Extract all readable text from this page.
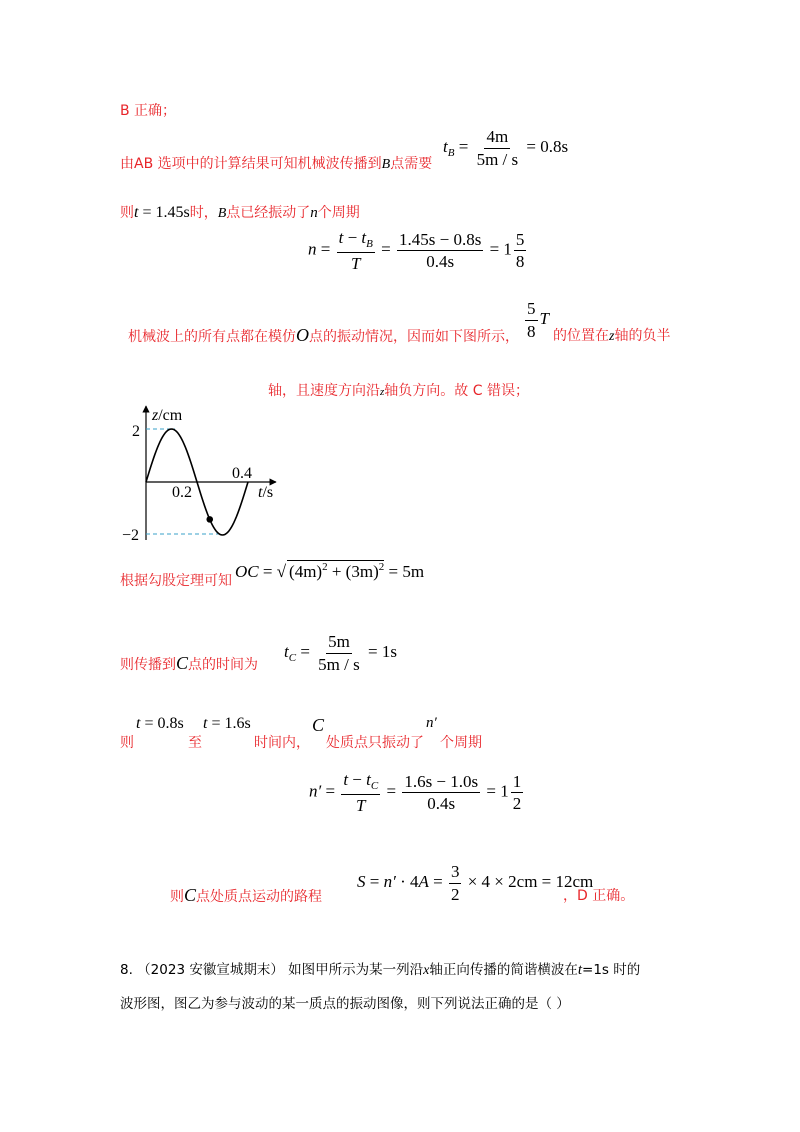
B 正确；
由AB 选项中的计算结果可知机械波传播到B点需要
$t_B = \frac{4m}{5m / s} = 0.8s$
则t = 1.45s时，B点已经振动了n个周期
$n = \frac{t - t_B}{T} = \frac{1.45s - 0.8s}{0.4s} = 1 \frac{5}{8}$
机械波上的所有点都在模仿O点的振动情况，因而如下图所示， $\frac{5}{8}$ T
的位置在z轴的负半
轴，且速度方向沿z轴负方向。故 C 错误；
z/cm
2
−2
0.2
0.4
t/s
根据勾股定理可知 OC = √ $(4m)^2 + (3m)^2 = 5m$
则传播到C点的时间为
$t_C = \frac{5m}{5m / s} = 1s$
则
t = 0.8s
至
t = 1.6s
时间内，
C
处质点只振动了
n′
个周期
$n' = \frac{t - t_C}{T} = \frac{1.6s - 1.0s}{0.4s} = 1 \frac{1}{2}$
则C点处质点运动的路程
$S = n' \cdot 4A = \frac{3}{2} \times 4 \times 2cm = 12cm$
，D 正确。
8. （2023 安徽宣城期末） 如图甲所示为某一列沿x轴正向传播的简谐横波在t=1s 时的
波形图，图乙为参与波动的某一质点的振动图像，则下列说法正确的是（ ）
